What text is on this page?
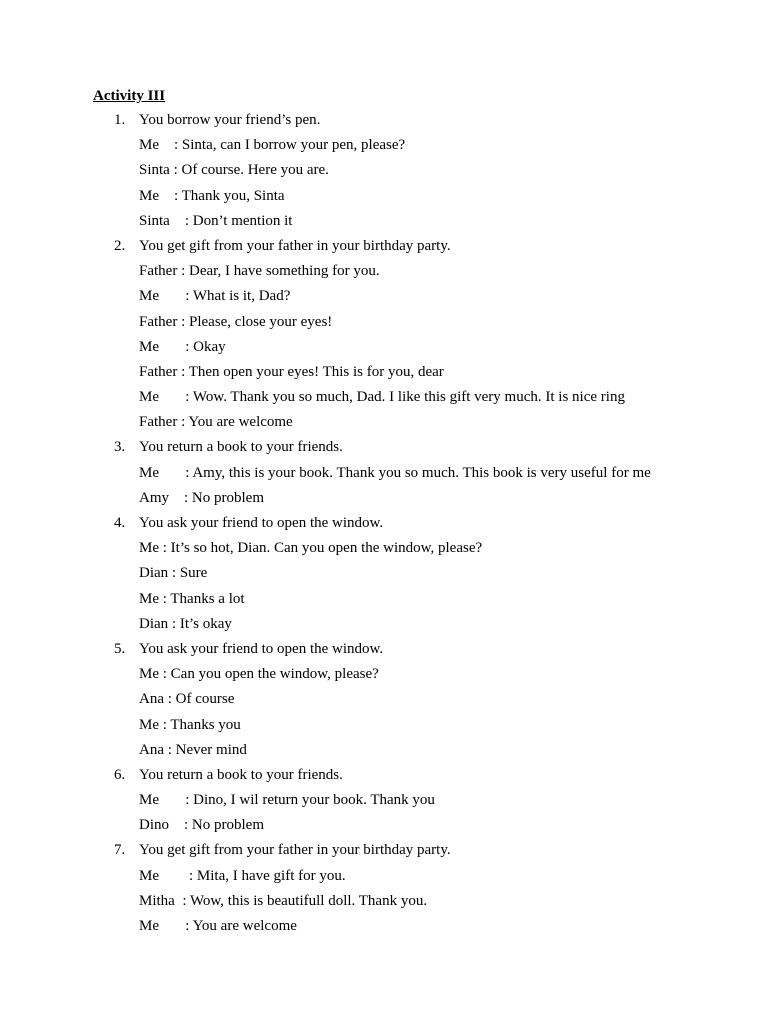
Activity III
1. You borrow your friend’s pen.
Me    : Sinta, can I borrow your pen, please?
Sinta : Of course. Here you are.
Me    : Thank you, Sinta
Sinta    : Don’t mention it
2. You get gift from your father in your birthday party.
Father : Dear, I have something for you.
Me       : What is it, Dad?
Father : Please, close your eyes!
Me       : Okay
Father : Then open your eyes! This is for you, dear
Me       : Wow. Thank you so much, Dad. I like this gift very much. It is nice ring
Father : You are welcome
3. You return a book to your friends.
Me       : Amy, this is your book. Thank you so much. This book is very useful for me
Amy    : No problem
4. You ask your friend to open the window.
Me : It’s so hot, Dian. Can you open the window, please?
Dian : Sure
Me : Thanks a lot
Dian : It’s okay
5. You ask your friend to open the window.
Me : Can you open the window, please?
Ana : Of course
Me : Thanks you
Ana : Never mind
6. You return a book to your friends.
Me       : Dino, I wil return your book. Thank you
Dino    : No problem
7. You get gift from your father in your birthday party.
Me        : Mita, I have gift for you.
Mitha  : Wow, this is beautifull doll. Thank you.
Me       : You are welcome
